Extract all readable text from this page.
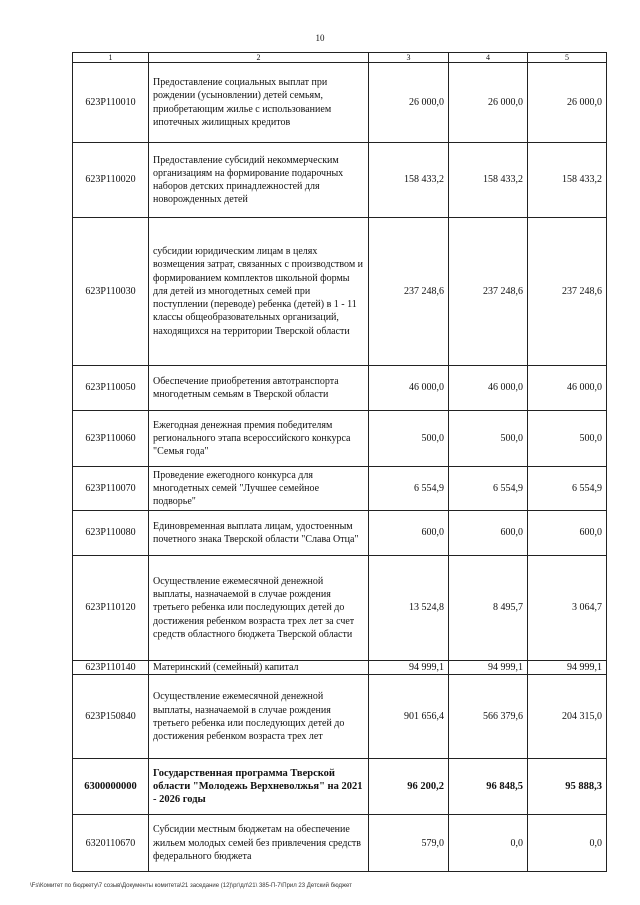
10
1	2	3	4	5
623P110010	Предоставление социальных выплат при рождении (усыновлении) детей семьям, приобретающим жилье с использованием ипотечных жилищных кредитов	26 000,0	26 000,0	26 000,0
623P110020	Предоставление субсидий некоммерческим организациям на формирование подарочных наборов детских принадлежностей для новорожденных детей	158 433,2	158 433,2	158 433,2
623P110030	субсидии юридическим лицам в целях возмещения затрат, связанных с производством и формированием комплектов школьной формы для детей из многодетных семей при поступлении (переводе) ребенка (детей) в 1 - 11 классы общеобразовательных организаций, находящихся на территории Тверской области	237 248,6	237 248,6	237 248,6
623P110050	Обеспечение приобретения автотранспорта многодетным семьям в Тверской области	46 000,0	46 000,0	46 000,0
623P110060	Ежегодная денежная премия победителям регионального этапа всероссийского конкурса "Семья года"	500,0	500,0	500,0
623P110070	Проведение ежегодного конкурса для многодетных семей "Лучшее семейное подворье"	6 554,9	6 554,9	6 554,9
623P110080	Единовременная выплата лицам, удостоенным почетного знака Тверской области "Слава Отца"	600,0	600,0	600,0
623P110120	Осуществление ежемесячной денежной выплаты, назначаемой в случае рождения третьего ребенка или последующих детей до достижения ребенком возраста трех лет за счет средств областного бюджета Тверской области	13 524,8	8 495,7	3 064,7
623P110140	Материнский (семейный) капитал	94 999,1	94 999,1	94 999,1
623P150840	Осуществление ежемесячной денежной выплаты, назначаемой в случае рождения третьего ребенка или последующих детей до достижения ребенком возраста трех лет	901 656,4	566 379,6	204 315,0
6300000000	Государственная программа Тверской области "Молодежь Верхневолжья" на 2021 - 2026 годы	96 200,2	96 848,5	95 888,3
6320110670	Субсидии местным бюджетам на обеспечение жильем молодых семей без привлечения средств федерального бюджета	579,0	0,0	0,0
\Fs\Комитет по бюджету\7 созыв\Документы комитета\21 заседание (12)\рг\дл\21\ 385-П-7\Прил 23 Детский бюджет
